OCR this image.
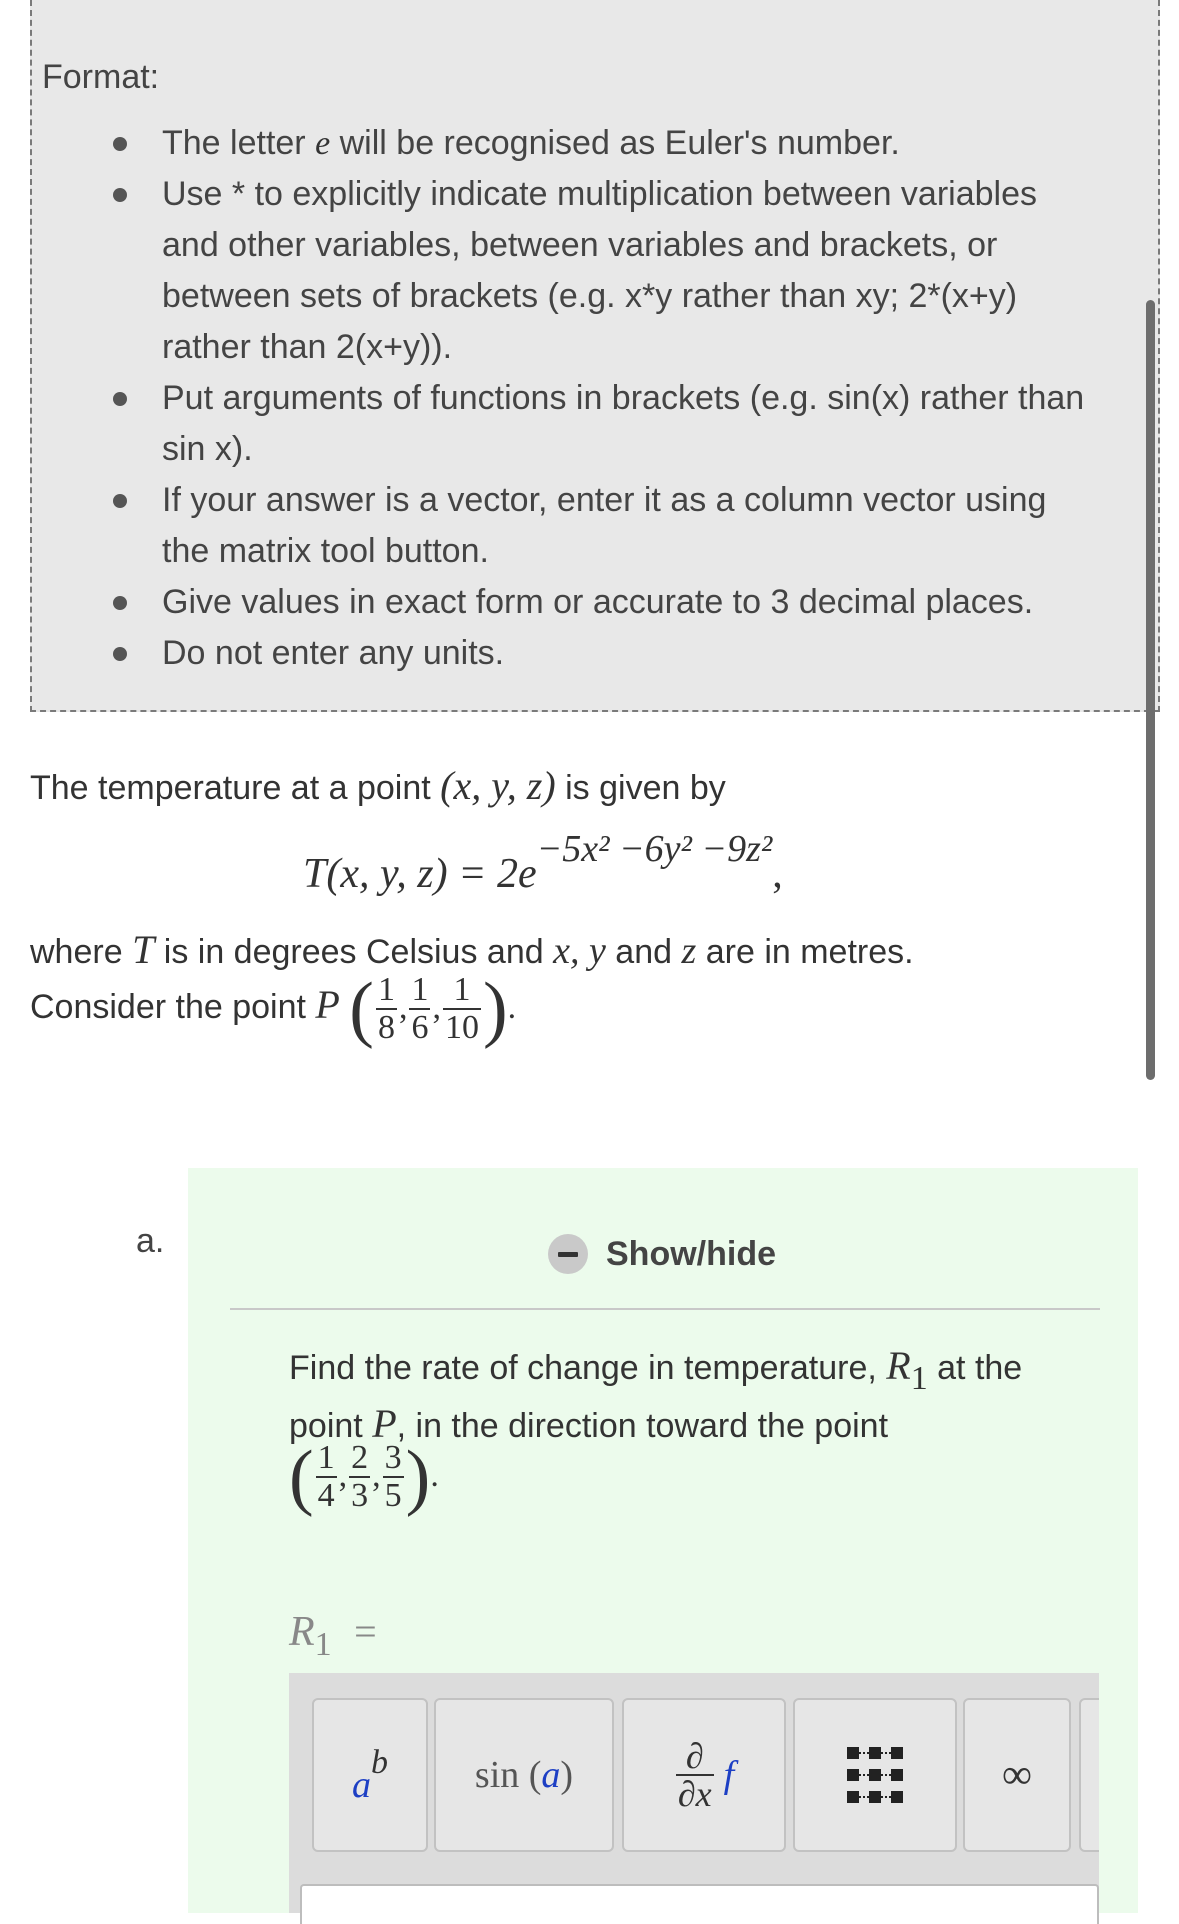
Format:
The letter e will be recognised as Euler's number.
Use * to explicitly indicate multiplication between variables and other variables, between variables and brackets, or between sets of brackets (e.g. x*y rather than xy; 2*(x+y) rather than 2(x+y)).
Put arguments of functions in brackets (e.g. sin(x) rather than sin x).
If your answer is a vector, enter it as a column vector using the matrix tool button.
Give values in exact form or accurate to 3 decimal places.
Do not enter any units.
The temperature at a point (x, y, z) is given by
T(x, y, z) = 2e−5x² −6y² −9z²,
where T is in degrees Celsius and x, y and z are in metres.
Consider the point P ( $\frac{1}{8}$ , $\frac{1}{6}$ , $\frac{1}{10}$ ).
a.	Show/hide
Find the rate of change in temperature, R1 at the
point P, in the direction toward the point
( $\frac{1}{4}$ , $\frac{2}{3}$ , $\frac{3}{5}$ ).
R1 =
a
b sin (a)	$\frac{\partial}{\partial x}$ f	∞
